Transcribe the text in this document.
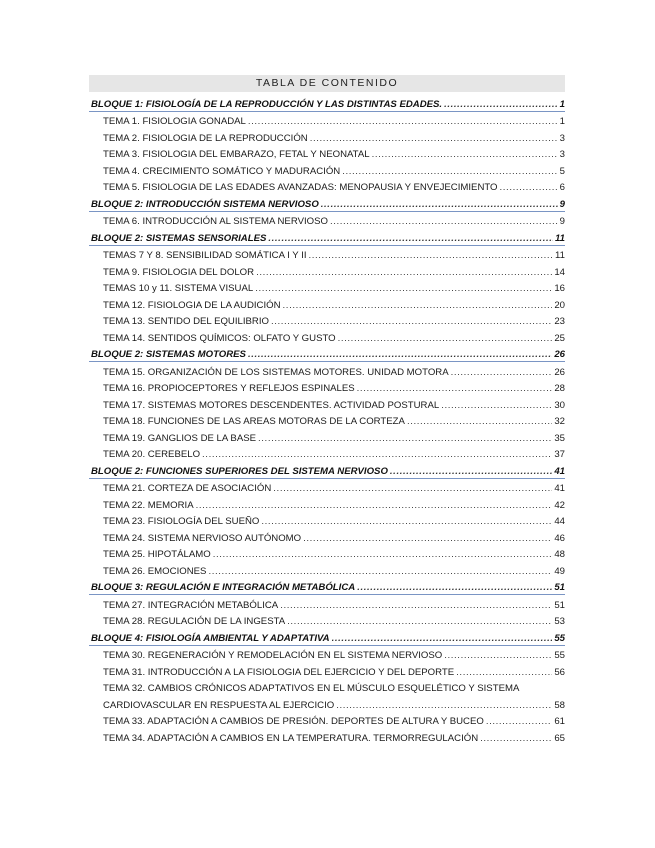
TABLA DE CONTENIDO
BLOQUE 1: FISIOLOGÍA DE LA REPRODUCCIÓN Y LAS DISTINTAS EDADES. .....	1
TEMA 1. FISIOLOGIA GONADAL .....	1
TEMA 2. FISIOLOGIA DE LA REPRODUCCIÓN .....	3
TEMA 3. FISIOLOGIA DEL EMBARAZO, FETAL Y NEONATAL .....	3
TEMA 4. CRECIMIENTO SOMÁTICO Y MADURACIÓN .....	5
TEMA 5. FISIOLOGIA DE LAS EDADES AVANZADAS: MENOPAUSIA Y ENVEJECIMIENTO .....	6
BLOQUE 2: INTRODUCCIÓN SISTEMA NERVIOSO .....	9
TEMA 6. INTRODUCCIÓN AL SISTEMA NERVIOSO .....	9
BLOQUE 2: SISTEMAS SENSORIALES .....	11
TEMAS 7 Y 8. SENSIBILIDAD SOMÁTICA I Y II .....	11
TEMA 9. FISIOLOGIA DEL DOLOR .....	14
TEMAS 10 y 11. SISTEMA VISUAL .....	16
TEMA 12. FISIOLOGIA DE LA AUDICIÓN .....	20
TEMA 13. SENTIDO DEL EQUILIBRIO .....	23
TEMA 14. SENTIDOS QUÍMICOS: OLFATO Y GUSTO .....	25
BLOQUE 2: SISTEMAS MOTORES .....	26
TEMA 15. ORGANIZACIÓN DE LOS SISTEMAS MOTORES. UNIDAD MOTORA .....	26
TEMA 16. PROPIOCEPTORES Y REFLEJOS ESPINALES .....	28
TEMA 17. SISTEMAS MOTORES DESCENDENTES. ACTIVIDAD POSTURAL .....	30
TEMA 18. FUNCIONES DE LAS AREAS MOTORAS DE LA CORTEZA .....	32
TEMA 19. GANGLIOS DE LA BASE .....	35
TEMA 20. CEREBELO .....	37
BLOQUE 2: FUNCIONES SUPERIORES DEL SISTEMA NERVIOSO .....	41
TEMA 21. CORTEZA DE ASOCIACIÓN .....	41
TEMA 22. MEMORIA .....	42
TEMA 23. FISIOLOGÍA DEL SUEÑO .....	44
TEMA 24. SISTEMA NERVIOSO AUTÓNOMO .....	46
TEMA 25. HIPOTÁLAMO .....	48
TEMA 26. EMOCIONES .....	49
BLOQUE 3: REGULACIÓN E INTEGRACIÓN METABÓLICA .....	51
TEMA 27. INTEGRACIÓN METABÓLICA .....	51
TEMA 28. REGULACIÓN DE LA INGESTA .....	53
BLOQUE 4: FISIOLOGÍA AMBIENTAL Y ADAPTATIVA .....	55
TEMA 30. REGENERACIÓN Y REMODELACIÓN EN EL SISTEMA NERVIOSO .....	55
TEMA 31. INTRODUCCIÓN A LA FISIOLOGIA DEL EJERCICIO Y DEL DEPORTE .....	56
TEMA 32. CAMBIOS CRÓNICOS ADAPTATIVOS EN EL MÚSCULO ESQUELÉTICO Y SISTEMA
CARDIOVASCULAR EN RESPUESTA AL EJERCICIO .....	58
TEMA 33. ADAPTACIÓN A CAMBIOS DE PRESIÓN. DEPORTES DE ALTURA Y BUCEO .....	61
TEMA 34. ADAPTACIÓN A CAMBIOS EN LA TEMPERATURA. TERMORREGULACIÓN .....	65
